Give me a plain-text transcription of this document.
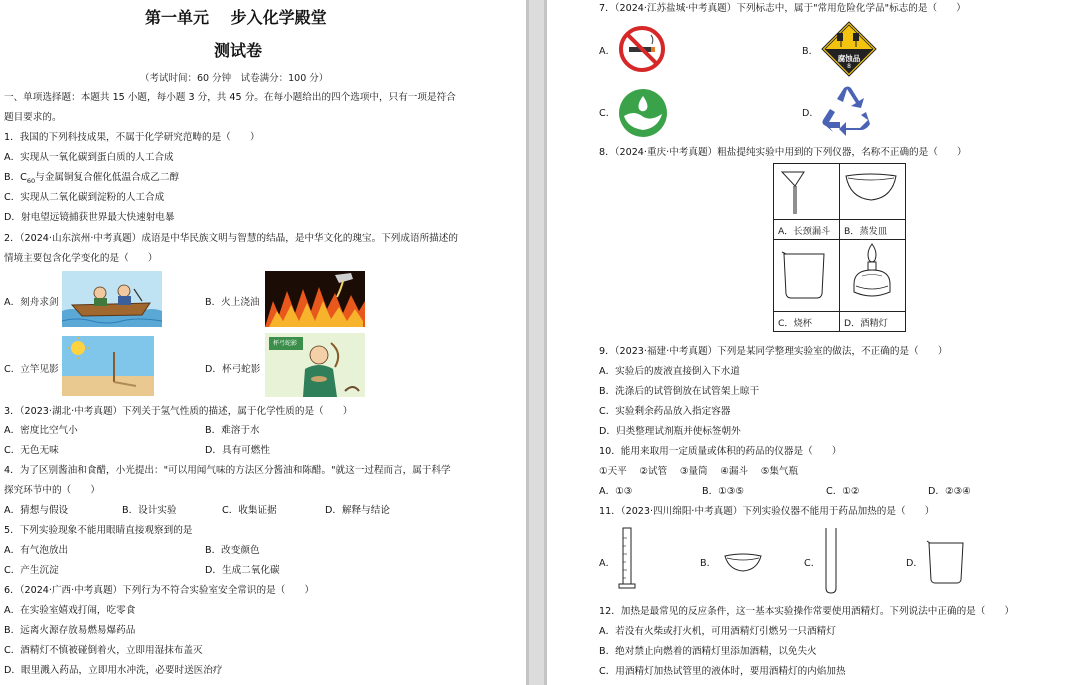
第一单元　 步入化学殿堂
测试卷
（考试时间：60 分钟　试卷满分：100 分）
一、单项选择题：本题共 15 小题，每小题 3 分，共 45 分。在每小题给出的四个选项中，只有一项是符合
题目要求的。
1．我国的下列科技成果，不属于化学研究范畴的是（　　）
A．实现从一氧化碳到蛋白质的人工合成
B．$C_{60}$与金属铜复合催化低温合成乙二醇
C．实现从二氧化碳到淀粉的人工合成
D．射电望远镜捕获世界最大快速射电暴
2．（2024·山东滨州·中考真题）成语是中华民族文明与智慧的结晶，是中华文化的瑰宝。下列成语所描述的
情境主要包含化学变化的是（　　）
A．刻舟求剑	B．火上浇油
C．立竿见影	D．杯弓蛇影
杯弓蛇影
3．（2023·湖北·中考真题）下列关于氢气性质的描述，属于化学性质的是（　　）
A．密度比空气小	B．难溶于水
C．无色无味	D．具有可燃性
4．为了区别酱油和食醋，小光提出："可以用闻气味的方法区分酱油和陈醋。"就这一过程而言，属于科学
探究环节中的（　　）
A．猜想与假设	B．设计实验	C．收集证据	D．解释与结论
5．下列实验现象不能用眼睛直接观察到的是
A．有气泡放出	B．改变颜色
C．产生沉淀	D．生成二氧化碳
6．（2024·广西·中考真题）下列行为不符合实验室安全常识的是（　　）
A．在实验室嬉戏打闹，吃零食
B．远离火源存放易燃易爆药品
C．酒精灯不慎被碰倒着火，立即用湿抹布盖灭
D．眼里溅入药品，立即用水冲洗，必要时送医治疗
7．（2024·江苏盐城·中考真题）下列标志中，属于"常用危险化学品"标志的是（　　）
A．	B．
腐蚀品
8
C．	D．
8．（2024·重庆·中考真题）粗盐提纯实验中用到的下列仪器，名称不正确的是（　　）

A．长颈漏斗	B．蒸发皿

C．烧杯	D．酒精灯
9．（2023·福建·中考真题）下列是某同学整理实验室的做法，不正确的是（　　）
A．实验后的废液直接倒入下水道
B．洗涤后的试管倒放在试管架上晾干
C．实验剩余药品放入指定容器
D．归类整理试剂瓶并使标签朝外
10．能用来取用一定质量或体积的药品的仪器是（　　）
①天平　 ②试管　 ③量筒　 ④漏斗　 ⑤集气瓶
A．①③	B．①③⑤	C．①②	D．②③④
11．（2023·四川绵阳·中考真题）下列实验仪器不能用于药品加热的是（　　）
A．	B．	C．	D．
12．加热是最常见的反应条件，这一基本实验操作常要使用酒精灯。下列说法中正确的是（　　）
A．若没有火柴或打火机，可用酒精灯引燃另一只酒精灯
B．绝对禁止向燃着的酒精灯里添加酒精，以免失火
C．用酒精灯加热试管里的液体时，要用酒精灯的内焰加热
